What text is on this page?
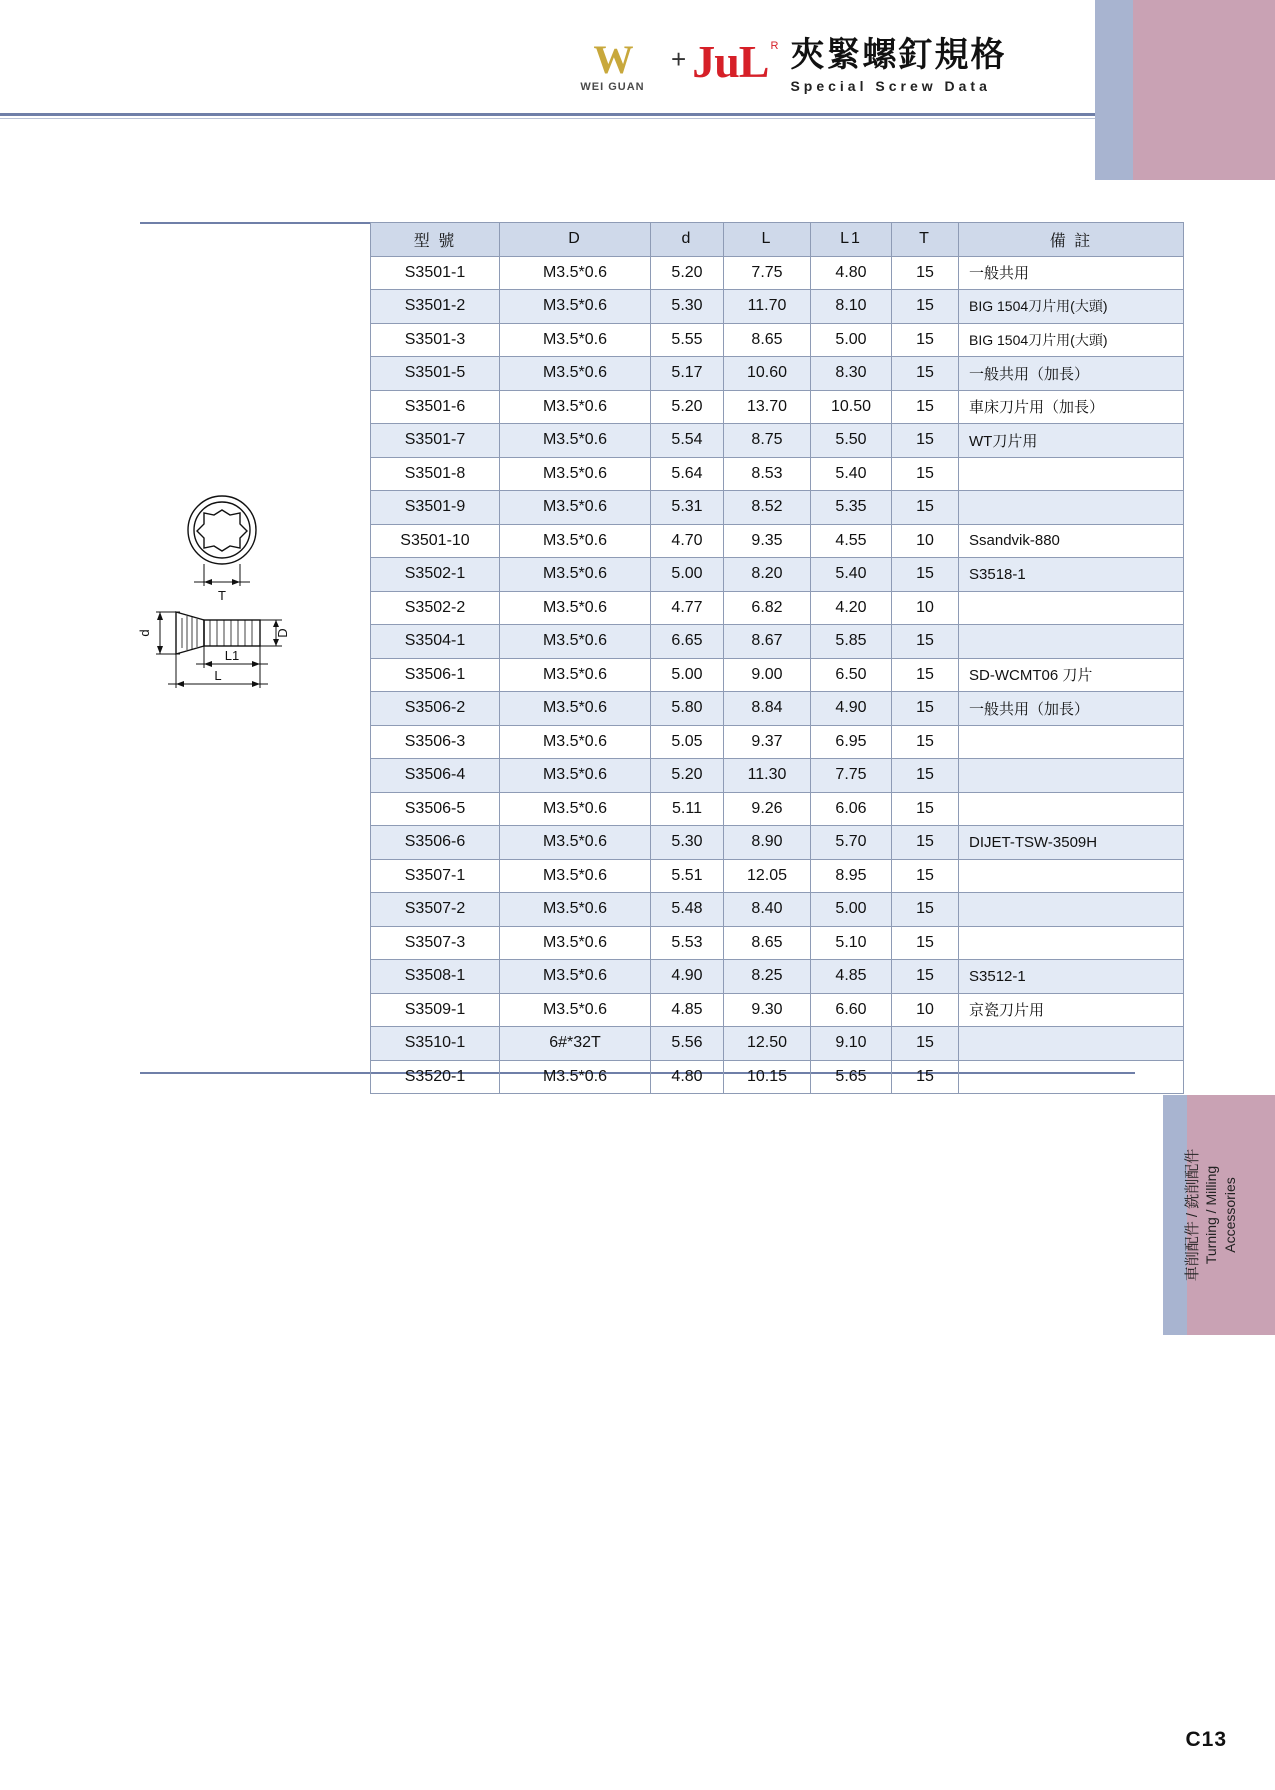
W
WEI GUAN
+ JuL R 夾緊螺釘規格
Special Screw Data
T
d	D
L1
L
型 號	D	d	L	L1	T	備 註
S3501-1	M3.5*0.6	5.20	7.75	4.80	15	一般共用
S3501-2	M3.5*0.6	5.30	11.70	8.10	15	BIG 1504刀片用(大頭)
S3501-3	M3.5*0.6	5.55	8.65	5.00	15	BIG 1504刀片用(大頭)
S3501-5	M3.5*0.6	5.17	10.60	8.30	15	一般共用（加長）
S3501-6	M3.5*0.6	5.20	13.70	10.50	15	車床刀片用（加長）
S3501-7	M3.5*0.6	5.54	8.75	5.50	15	WT刀片用
S3501-8	M3.5*0.6	5.64	8.53	5.40	15	
S3501-9	M3.5*0.6	5.31	8.52	5.35	15	
S3501-10	M3.5*0.6	4.70	9.35	4.55	10	Ssandvik-880
S3502-1	M3.5*0.6	5.00	8.20	5.40	15	S3518-1
S3502-2	M3.5*0.6	4.77	6.82	4.20	10	
S3504-1	M3.5*0.6	6.65	8.67	5.85	15	
S3506-1	M3.5*0.6	5.00	9.00	6.50	15	SD-WCMT06 刀片
S3506-2	M3.5*0.6	5.80	8.84	4.90	15	一般共用（加長）
S3506-3	M3.5*0.6	5.05	9.37	6.95	15	
S3506-4	M3.5*0.6	5.20	11.30	7.75	15	
S3506-5	M3.5*0.6	5.11	9.26	6.06	15	
S3506-6	M3.5*0.6	5.30	8.90	5.70	15	DIJET-TSW-3509H
S3507-1	M3.5*0.6	5.51	12.05	8.95	15	
S3507-2	M3.5*0.6	5.48	8.40	5.00	15	
S3507-3	M3.5*0.6	5.53	8.65	5.10	15	
S3508-1	M3.5*0.6	4.90	8.25	4.85	15	S3512-1
S3509-1	M3.5*0.6	4.85	9.30	6.60	10	京瓷刀片用
S3510-1	6#*32T	5.56	12.50	9.10	15	
S3520-1	M3.5*0.6	4.80	10.15	5.65	15	
車削配件 / 銑削配件 Turning / Milling Accessories
C13
